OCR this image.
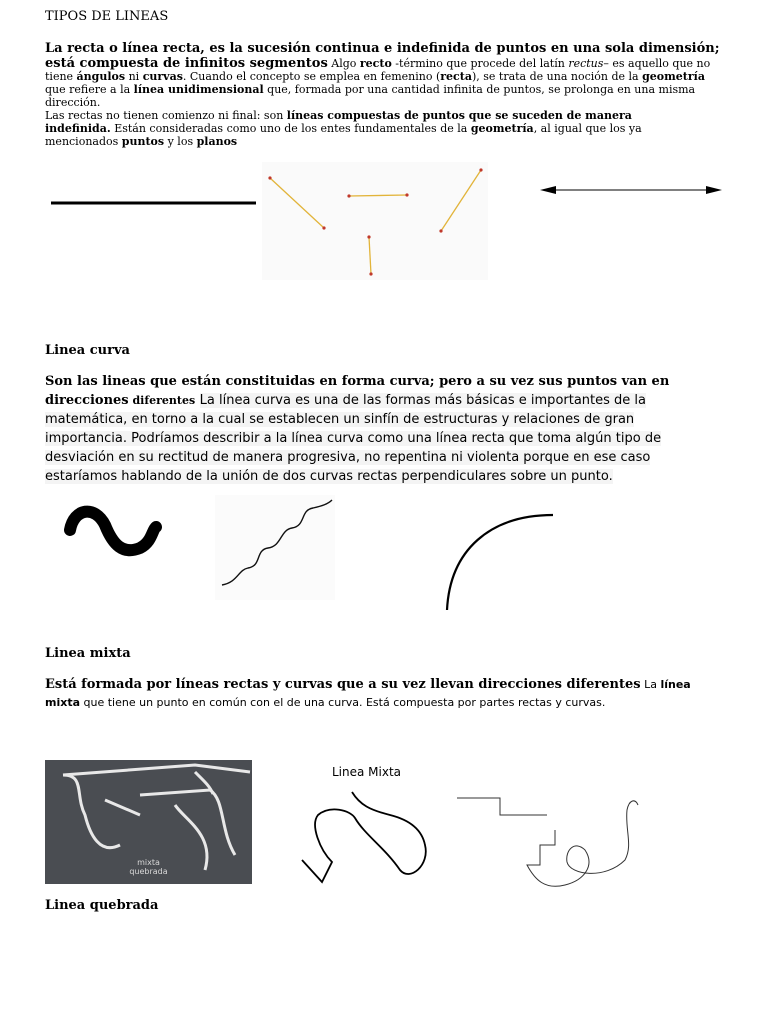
TIPOS DE LINEAS
La recta o línea recta, es la sucesión continua e indefinida de puntos en una sola dimensión;
está compuesta de infinitos segmentos Algo recto -término que procede del latín rectus– es aquello que no tiene ángulos ni curvas. Cuando el concepto se emplea en femenino (recta), se trata de una noción de la geometría que refiere a la línea unidimensional que, formada por una cantidad infinita de puntos, se prolonga en una misma dirección.
Las rectas no tienen comienzo ni final: son líneas compuestas de puntos que se suceden de manera indefinida. Están consideradas como uno de los entes fundamentales de la geometría, al igual que los ya mencionados puntos y los planos
Linea curva
Son las lineas que están constituidas en forma curva; pero a su vez sus puntos van en direcciones diferentes La línea curva es una de las formas más básicas e importantes de la matemática, en torno a la cual se establecen un sinfín de estructuras y relaciones de gran importancia. Podríamos describir a la línea curva como una línea recta que toma algún tipo de desviación en su rectitud de manera progresiva, no repentina ni violenta porque en ese caso estaríamos hablando de la unión de dos curvas rectas perpendiculares sobre un punto.
Linea mixta
Está formada por líneas rectas y curvas que a su vez llevan direcciones diferentes La línea mixta que tiene un punto en común con el de una curva. Está compuesta por partes rectas y curvas.
mixta
quebrada
Linea Mixta
Linea quebrada
